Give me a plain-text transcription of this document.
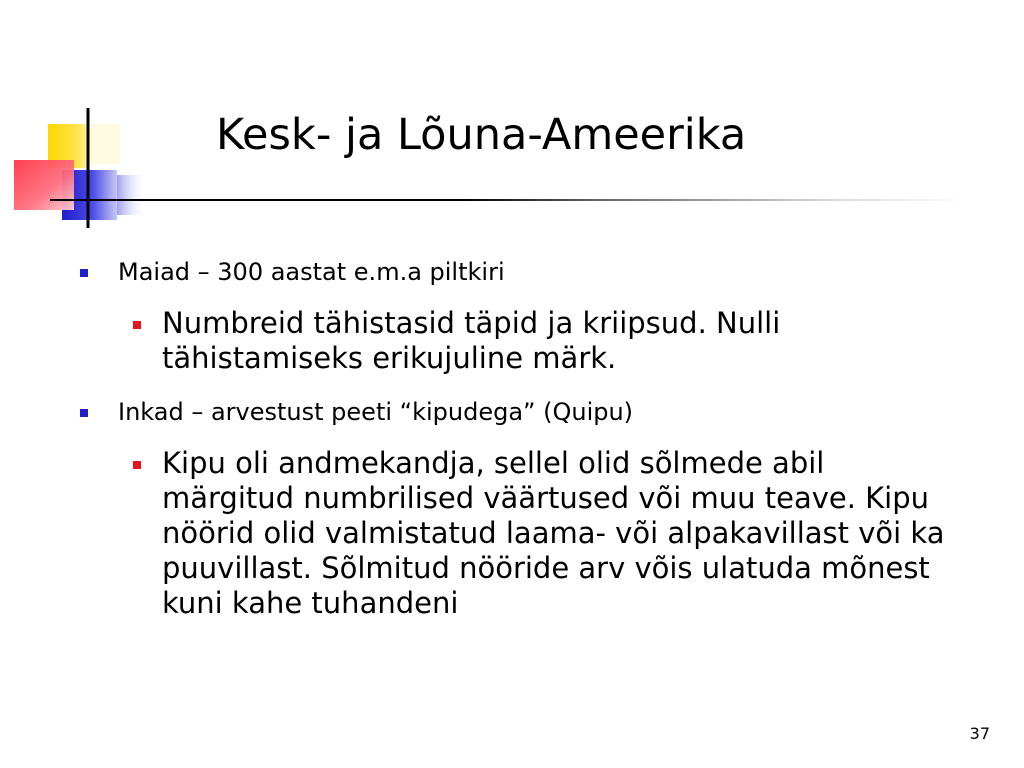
Kesk- ja Lõuna-Ameerika
Maiad – 300 aastat e.m.a piltkiri
Numbreid tähistasid täpid ja kriipsud. Nulli tähistamiseks erikujuline märk.
Inkad – arvestust peeti “kipudega” (Quipu)
Kipu oli andmekandja, sellel olid sõlmede abil märgitud numbrilised väärtused või muu teave. Kipu nöörid olid valmistatud laama- või alpakavillast või ka puuvillast. Sõlmitud nööride arv võis ulatuda mõnest kuni kahe tuhandeni
37
